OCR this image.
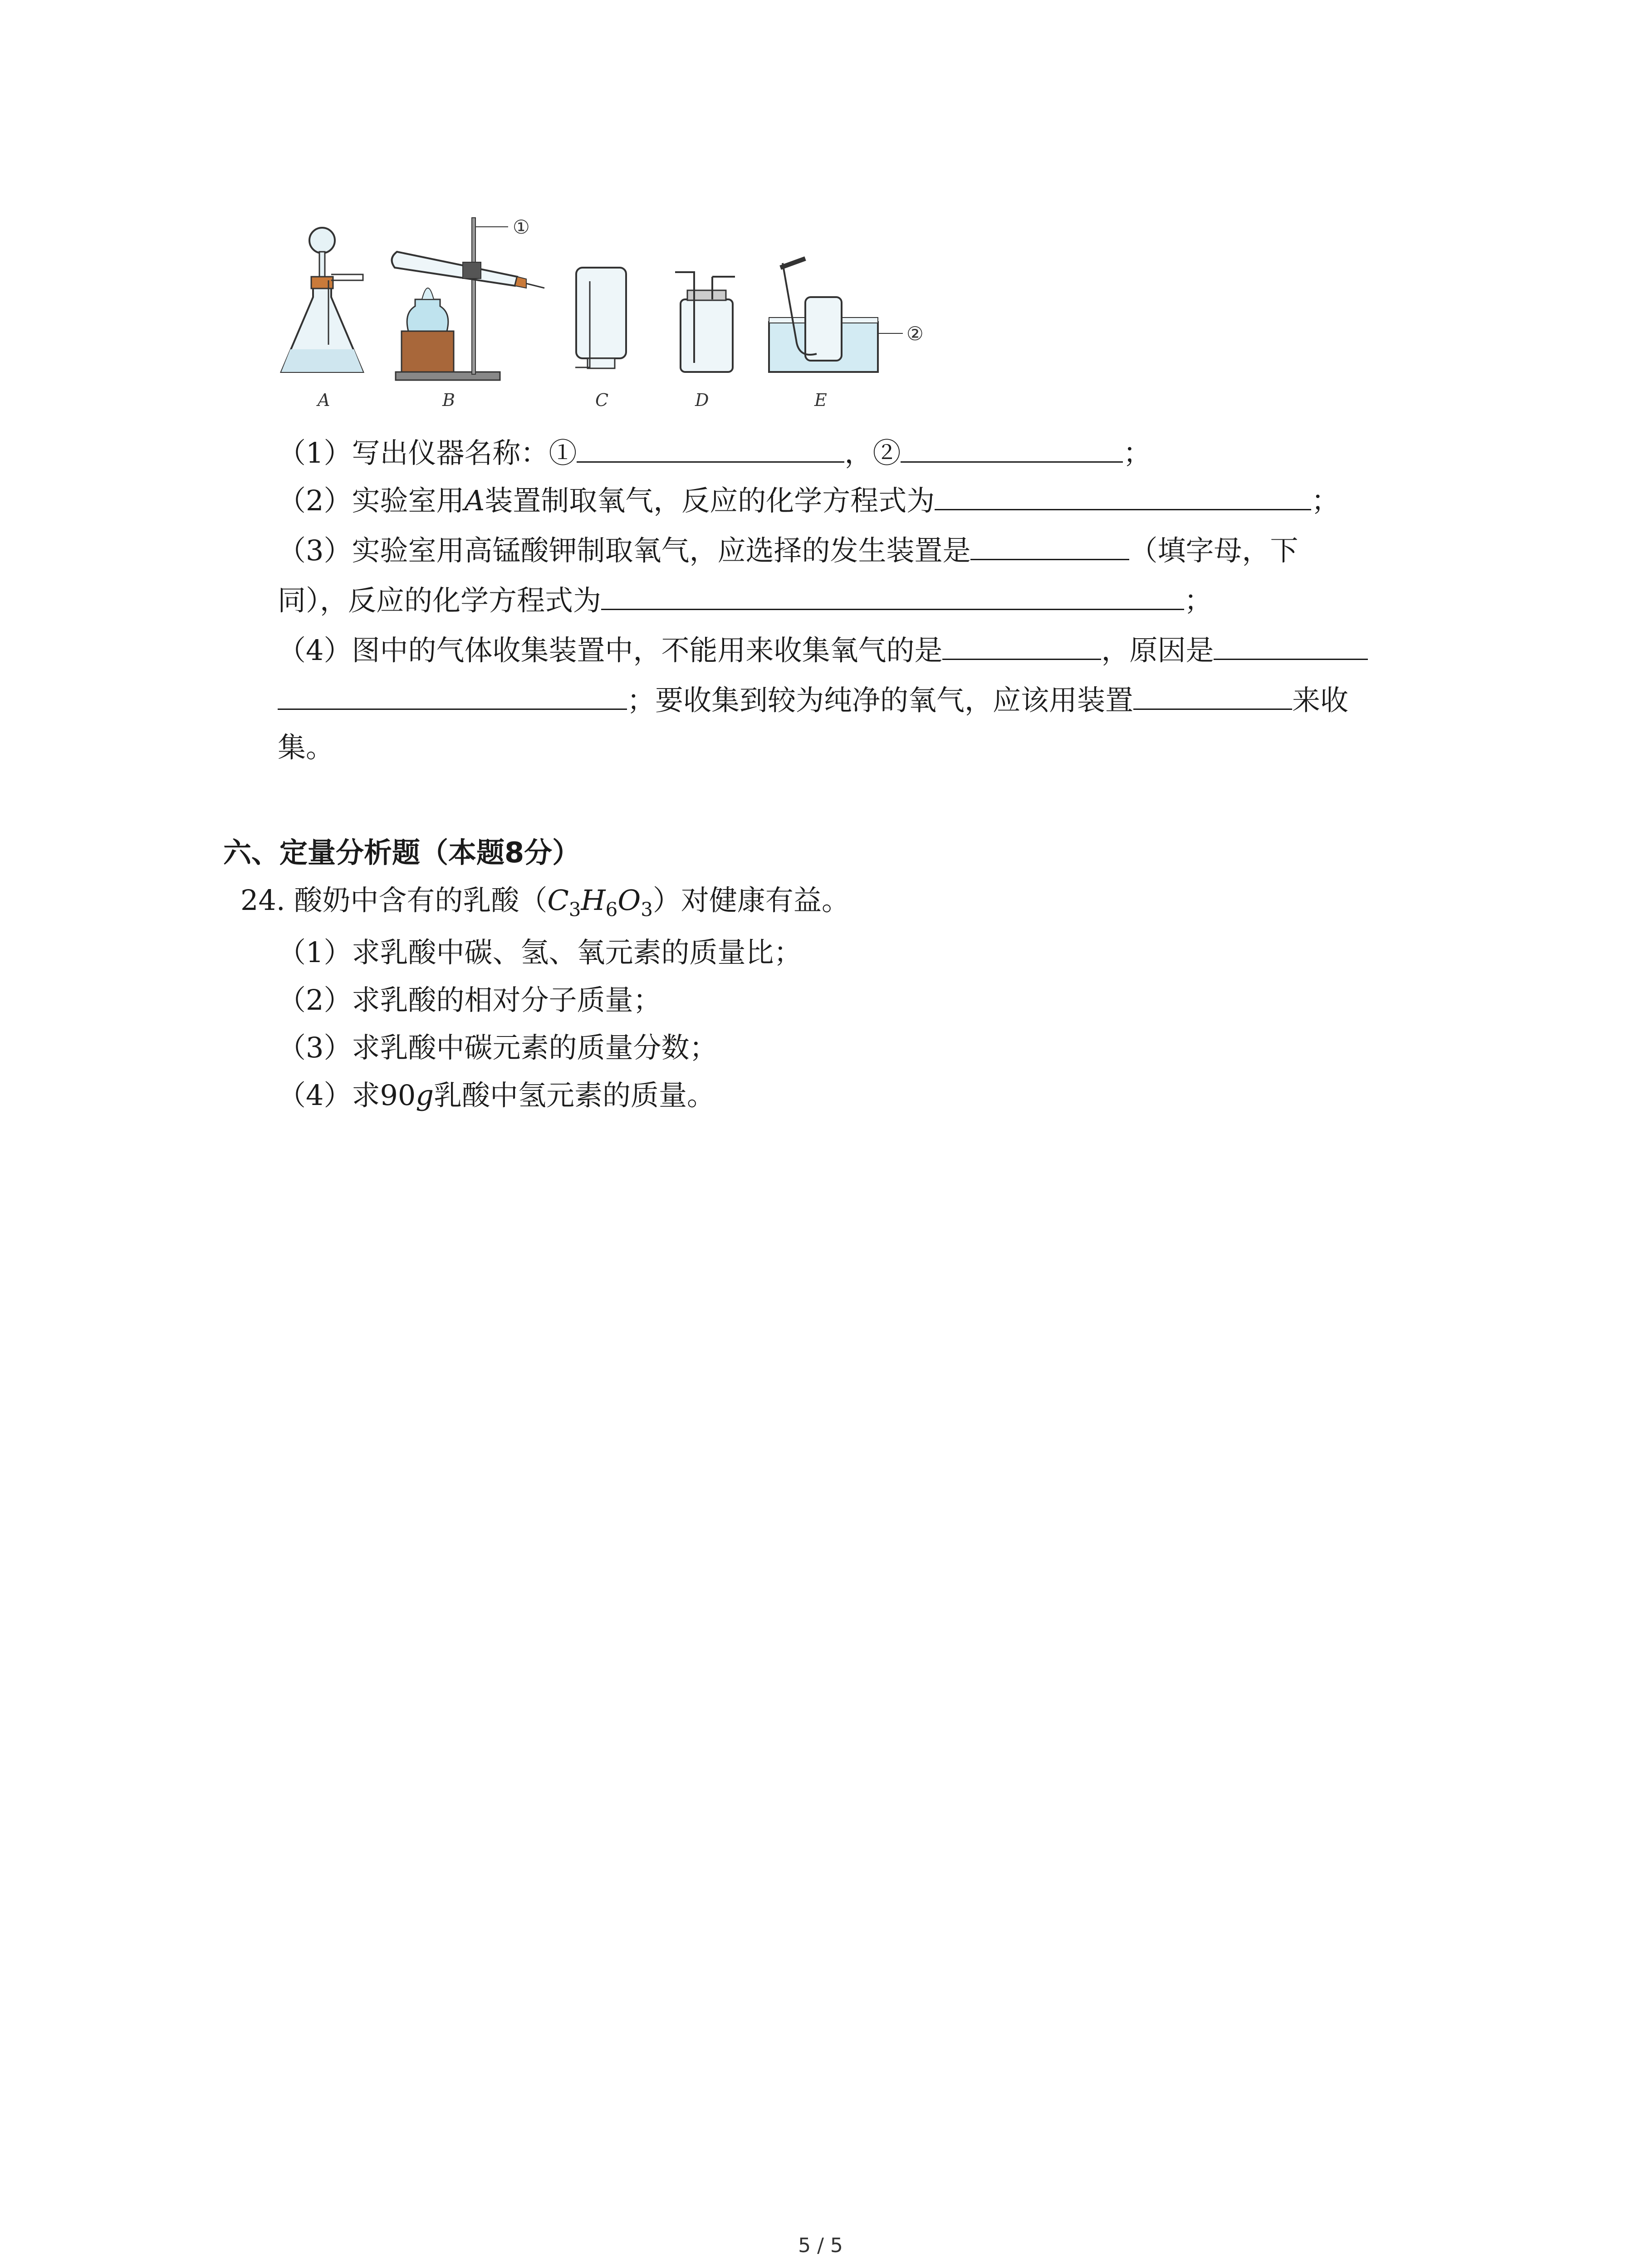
A	B
①
C	D	E
②
（1）写出仪器名称：①	，②	；
（2）实验室用A装置制取氧气，反应的化学方程式为	；
（3）实验室用高锰酸钾制取氧气，应选择的发生装置是	（填字母，下
同），反应的化学方程式为	；
（4）图中的气体收集装置中，不能用来收集氧气的是	，原因是
；要收集到较为纯净的氧气，应该用装置	来收
集。
六、定量分析题（本题8分）
24. 酸奶中含有的乳酸$(C_3H_6O_3)$对健康有益。
（1）求乳酸中碳、氢、氧元素的质量比；
（2）求乳酸的相对分子质量；
（3）求乳酸中碳元素的质量分数；
（4）求90g乳酸中氢元素的质量。
5 / 5
